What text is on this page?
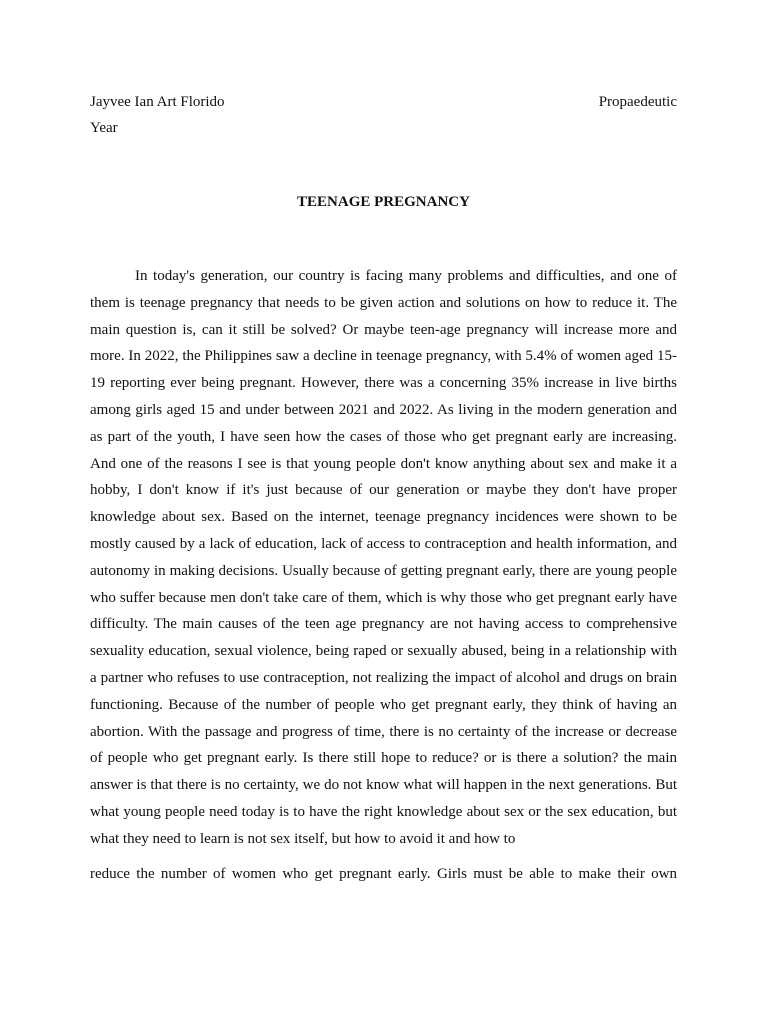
Jayvee Ian Art Florido	Propaedeutic
Year
TEENAGE PREGNANCY

In today's generation, our country is facing many problems and difficulties, and one of them is teenage pregnancy that needs to be given action and solutions on how to reduce it. The main question is, can it still be solved? Or maybe teen-age pregnancy will increase more and more. In 2022, the Philippines saw a decline in teenage pregnancy, with 5.4% of women aged 15-19 reporting ever being pregnant. However, there was a concerning 35% increase in live births among girls aged 15 and under between 2021 and 2022. As living in the modern generation and as part of the youth, I have seen how the cases of those who get pregnant early are increasing. And one of the reasons I see is that young people don't know anything about sex and make it a hobby, I don't know if it's just because of our generation or maybe they don't have proper knowledge about sex. Based on the internet, teenage pregnancy incidences were shown to be mostly caused by a lack of education, lack of access to contraception and health information, and autonomy in making decisions. Usually because of getting pregnant early, there are young people who suffer because men don't take care of them, which is why those who get pregnant early have difficulty. The main causes of the teen age pregnancy are not having access to comprehensive sexuality education, sexual violence, being raped or sexually abused, being in a relationship with a partner who refuses to use contraception, not realizing the impact of alcohol and drugs on brain functioning. Because of the number of people who get pregnant early, they think of having an abortion. With the passage and progress of time, there is no certainty of the increase or decrease of people who get pregnant early. Is there still hope to reduce? or is there a solution? the main answer is that there is no certainty, we do not know what will happen in the next generations. But what young people need today is to have the right knowledge about sex or the sex education, but what they need to learn is not sex itself, but how to avoid it and how to

reduce the number of women who get pregnant early. Girls must be able to make their own
